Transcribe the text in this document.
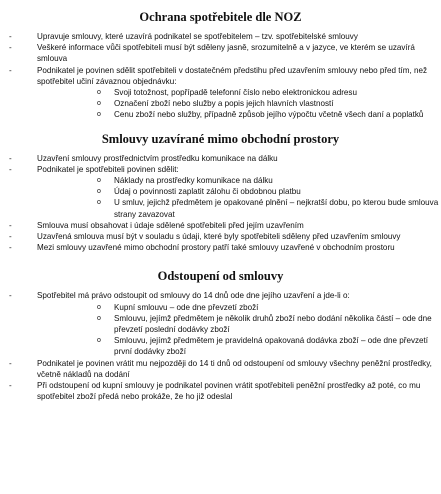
Ochrana spotřebitele dle NOZ
-	Upravuje smlouvy, které uzavírá podnikatel se spotřebitelem – tzv. spotřebitelské smlouvy
-	Veškeré informace vůči spotřebiteli musí být sděleny jasně, srozumitelně a v jazyce, ve kterém se uzavírá smlouva
-	Podnikatel je povinen sdělit spotřebiteli v dostatečném předstihu před uzavřením smlouvy nebo před tím, než spotřebitel učiní závaznou objednávku:
o Svoji totožnost, popřípadě telefonní číslo nebo elektronickou adresu
o Označení zboží nebo služby a popis jejich hlavních vlastností
o Cenu zboží nebo služby, případně způsob jejího výpočtu včetně všech daní a poplatků
Smlouvy uzavírané mimo obchodní prostory
-	Uzavření smlouvy prostřednictvím prostředku komunikace na dálku
-	Podnikatel je spotřebiteli povinen sdělit:
o Náklady na prostředky komunikace na dálku
o Údaj o povinnosti zaplatit zálohu či obdobnou platbu
o U smluv, jejichž předmětem je opakované plnění – nejkratší dobu, po kterou bude smlouva strany zavazovat
-	Smlouva musí obsahovat i údaje sdělené spotřebiteli před jejím uzavřením
-	Uzavřená smlouva musí být v souladu s údaji, které byly spotřebiteli sděleny před uzavřením smlouvy
-	Mezi smlouvy uzavřené mimo obchodní prostory patří také smlouvy uzavřené v obchodním prostoru
Odstoupení od smlouvy
-	Spotřebitel má právo odstoupit od smlouvy do 14 dnů ode dne jejího uzavření a jde-li o:
o Kupní smlouvu – ode dne převzetí zboží
o Smlouvu, jejímž předmětem je několik druhů zboží nebo dodání několika částí – ode dne převzetí poslední dodávky zboží
o Smlouvu, jejímž předmětem je pravidelná opakovaná dodávka zboží – ode dne převzetí první dodávky zboží
-	Podnikatel je povinen vrátit mu nejpozději do 14 ti dnů od odstoupení od smlouvy všechny peněžní prostředky, včetně nákladů na dodání
-	Při odstoupení od kupní smlouvy je podnikatel povinen vrátit spotřebiteli peněžní prostředky až poté, co mu spotřebitel zboží předá nebo prokáže, že ho již odeslal
